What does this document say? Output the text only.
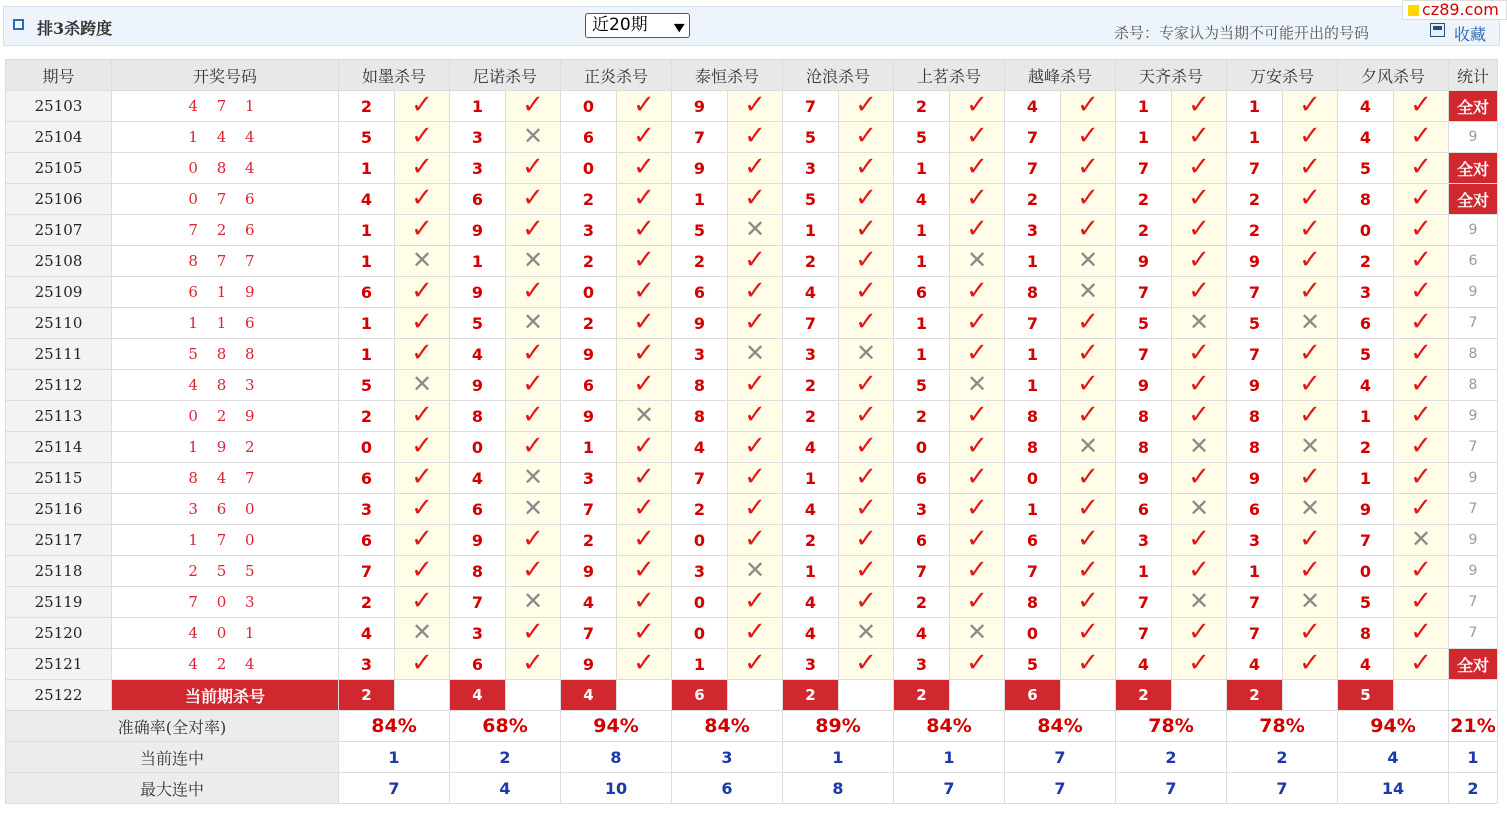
排3杀跨度	近20期 ▼	杀号：专家认为当期不可能开出的号码	收藏
cz89.com
期号	开奖号码	如墨杀号		尼诺杀号		正炎杀号		泰恒杀号		沧浪杀号		上茗杀号		越峰杀号		天齐杀号		万安杀号		夕风杀号		统计
25103	4 7 1	2	✓	1	✓	0	✓	9	✓	7	✓	2	✓	4	✓	1	✓	1	✓	4	✓	全对
25104	1 4 4	5	✓	3	✕	6	✓	7	✓	5	✓	5	✓	7	✓	1	✓	1	✓	4	✓	9
25105	0 8 4	1	✓	3	✓	0	✓	9	✓	3	✓	1	✓	7	✓	7	✓	7	✓	5	✓	全对
25106	0 7 6	4	✓	6	✓	2	✓	1	✓	5	✓	4	✓	2	✓	2	✓	2	✓	8	✓	全对
25107	7 2 6	1	✓	9	✓	3	✓	5	✕	1	✓	1	✓	3	✓	2	✓	2	✓	0	✓	9
25108	8 7 7	1	✕	1	✕	2	✓	2	✓	2	✓	1	✕	1	✕	9	✓	9	✓	2	✓	6
25109	6 1 9	6	✓	9	✓	0	✓	6	✓	4	✓	6	✓	8	✕	7	✓	7	✓	3	✓	9
25110	1 1 6	1	✓	5	✕	2	✓	9	✓	7	✓	1	✓	7	✓	5	✕	5	✕	6	✓	7
25111	5 8 8	1	✓	4	✓	9	✓	3	✕	3	✕	1	✓	1	✓	7	✓	7	✓	5	✓	8
25112	4 8 3	5	✕	9	✓	6	✓	8	✓	2	✓	5	✕	1	✓	9	✓	9	✓	4	✓	8
25113	0 2 9	2	✓	8	✓	9	✕	8	✓	2	✓	2	✓	8	✓	8	✓	8	✓	1	✓	9
25114	1 9 2	0	✓	0	✓	1	✓	4	✓	4	✓	0	✓	8	✕	8	✕	8	✕	2	✓	7
25115	8 4 7	6	✓	4	✕	3	✓	7	✓	1	✓	6	✓	0	✓	9	✓	9	✓	1	✓	9
25116	3 6 0	3	✓	6	✕	7	✓	2	✓	4	✓	3	✓	1	✓	6	✕	6	✕	9	✓	7
25117	1 7 0	6	✓	9	✓	2	✓	0	✓	2	✓	6	✓	6	✓	3	✓	3	✓	7	✕	9
25118	2 5 5	7	✓	8	✓	9	✓	3	✕	1	✓	7	✓	7	✓	1	✓	1	✓	0	✓	9
25119	7 0 3	2	✓	7	✕	4	✓	0	✓	4	✓	2	✓	8	✓	7	✕	7	✕	5	✓	7
25120	4 0 1	4	✕	3	✓	7	✓	0	✓	4	✕	4	✕	0	✓	7	✓	7	✓	8	✓	7
25121	4 2 4	3	✓	6	✓	9	✓	1	✓	3	✓	3	✓	5	✓	4	✓	4	✓	4	✓	全对
25122	当前期杀号	2		4		4		6		2		2		6		2		2		5		
准确率(全对率)		84%		68%		94%		84%		89%		84%		84%		78%		78%		94%		21%
当前连中		1		2		8		3		1		1		7		2		2		4		1
最大连中		7		4		10		6		8		7		7		7		7		14		2
